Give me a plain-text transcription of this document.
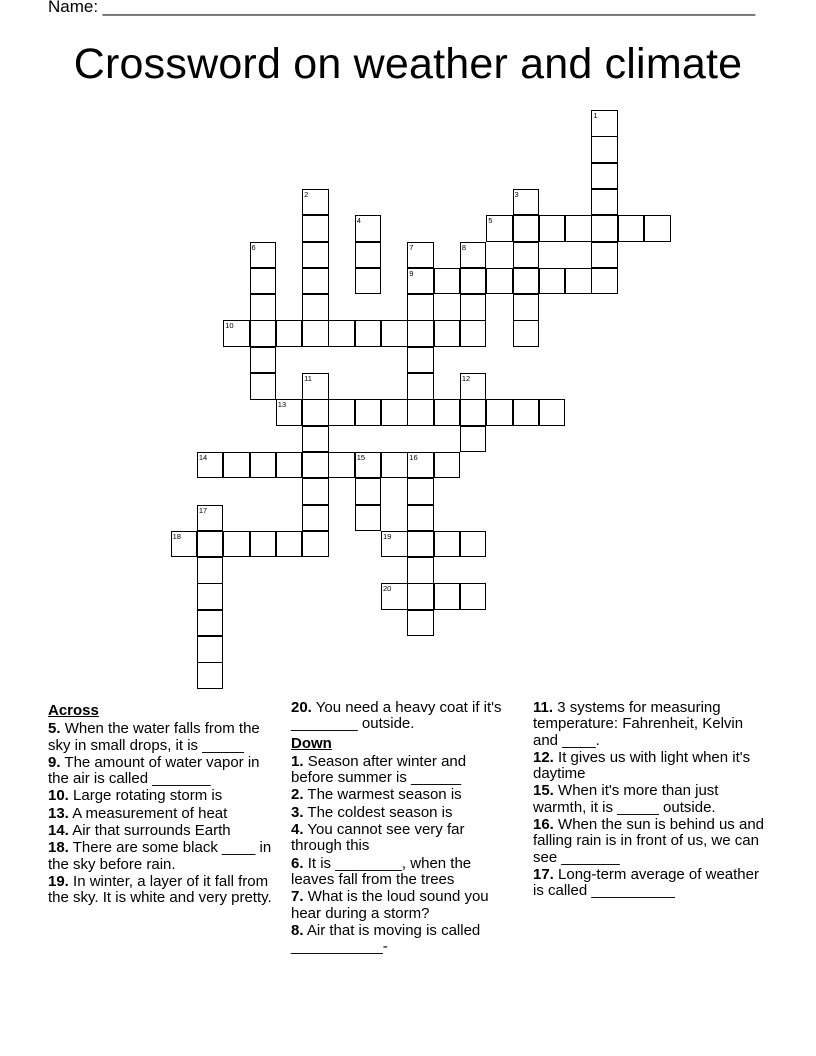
Name: _____________________________________________________________________
Crossword on weather and climate
1
2	3
4	5
6	7
9
8
10
11	12
13
14	15	16
17
18	19
20
Across
5. When the water falls from the sky in small drops, it is _____
9. The amount of water vapor in the air is called _______
10. Large rotating storm is
13. A measurement of heat
14. Air that surrounds Earth
18. There are some black ____ in the sky before rain.
19. In winter, a layer of it fall from the sky. It is white and very pretty.
20. You need a heavy coat if it's ________ outside.
Down
1. Season after winter and before summer is ______
2. The warmest season is
3. The coldest season is
4. You cannot see very far through this
6. It is ________, when the leaves fall from the trees
7. What is the loud sound you hear during a storm?
8. Air that is moving is called ___________-
11. 3 systems for measuring temperature: Fahrenheit, Kelvin and ____.
12. It gives us with light when it's daytime
15. When it's more than just warmth, it is _____ outside.
16. When the sun is behind us and falling rain is in front of us, we can see _______
17. Long-term average of weather is called __________
